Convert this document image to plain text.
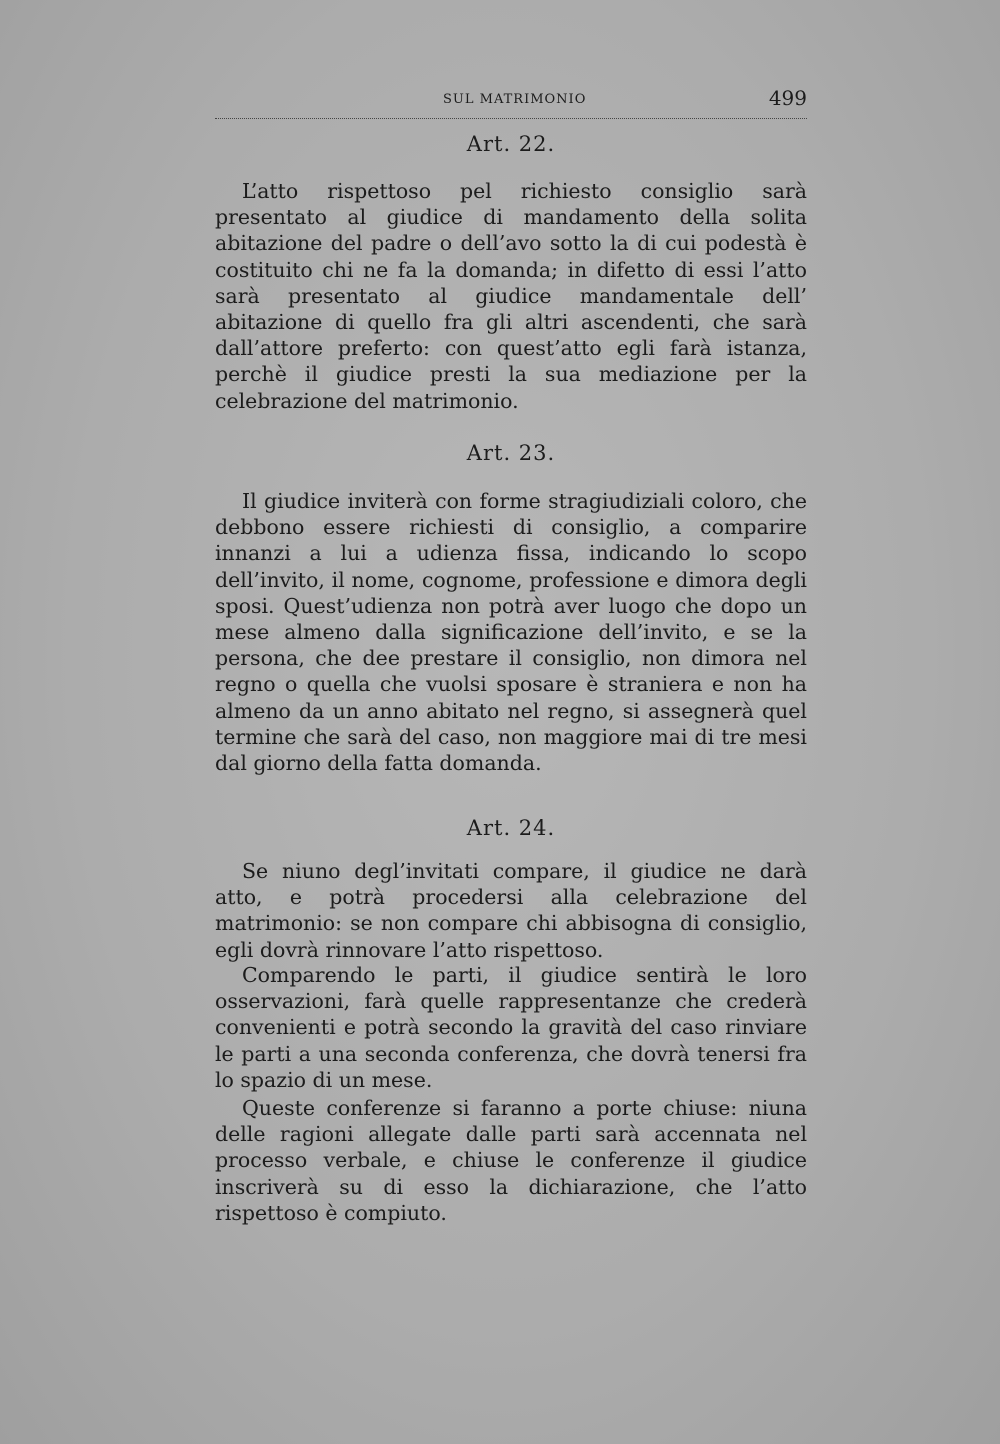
SUL MATRIMONIO	499
Art. 22.

L’atto rispettoso pel richiesto consiglio sarà presentato al giudice di mandamento della solita abitazione del padre o dell’avo sotto la di cui podestà è costituito chi ne fa la domanda; in difetto di essi l’atto sarà presentato al giudice mandamentale dell’ abitazione di quello fra gli altri ascendenti, che sarà dall’attore preferto: con quest’atto egli farà istanza, perchè il giudice presti la sua mediazione per la celebrazione del matrimonio.

Art. 23.

Il giudice inviterà con forme stragiudiziali coloro, che debbono essere richiesti di consiglio, a comparire innanzi a lui a udienza fissa, indicando lo scopo dell’invito, il nome, cognome, professione e dimora degli sposi. Quest’udienza non potrà aver luogo che dopo un mese almeno dalla significazione dell’invito, e se la persona, che dee prestare il consiglio, non dimora nel regno o quella che vuolsi sposare è straniera e non ha almeno da un anno abitato nel regno, si assegnerà quel termine che sarà del caso, non maggiore mai di tre mesi dal giorno della fatta domanda.

Art. 24.

Se niuno degl’invitati compare, il giudice ne darà atto, e potrà procedersi alla celebrazione del matrimonio: se non compare chi abbisogna di consiglio, egli dovrà rinnovare l’atto rispettoso.

Comparendo le parti, il giudice sentirà le loro osservazioni, farà quelle rappresentanze che crederà convenienti e potrà secondo la gravità del caso rinviare le parti a una seconda conferenza, che dovrà tenersi fra lo spazio di un mese.

Queste conferenze si faranno a porte chiuse: niuna delle ragioni allegate dalle parti sarà accennata nel processo verbale, e chiuse le conferenze il giudice inscriverà su di esso la dichiarazione, che l’atto rispettoso è compiuto.
